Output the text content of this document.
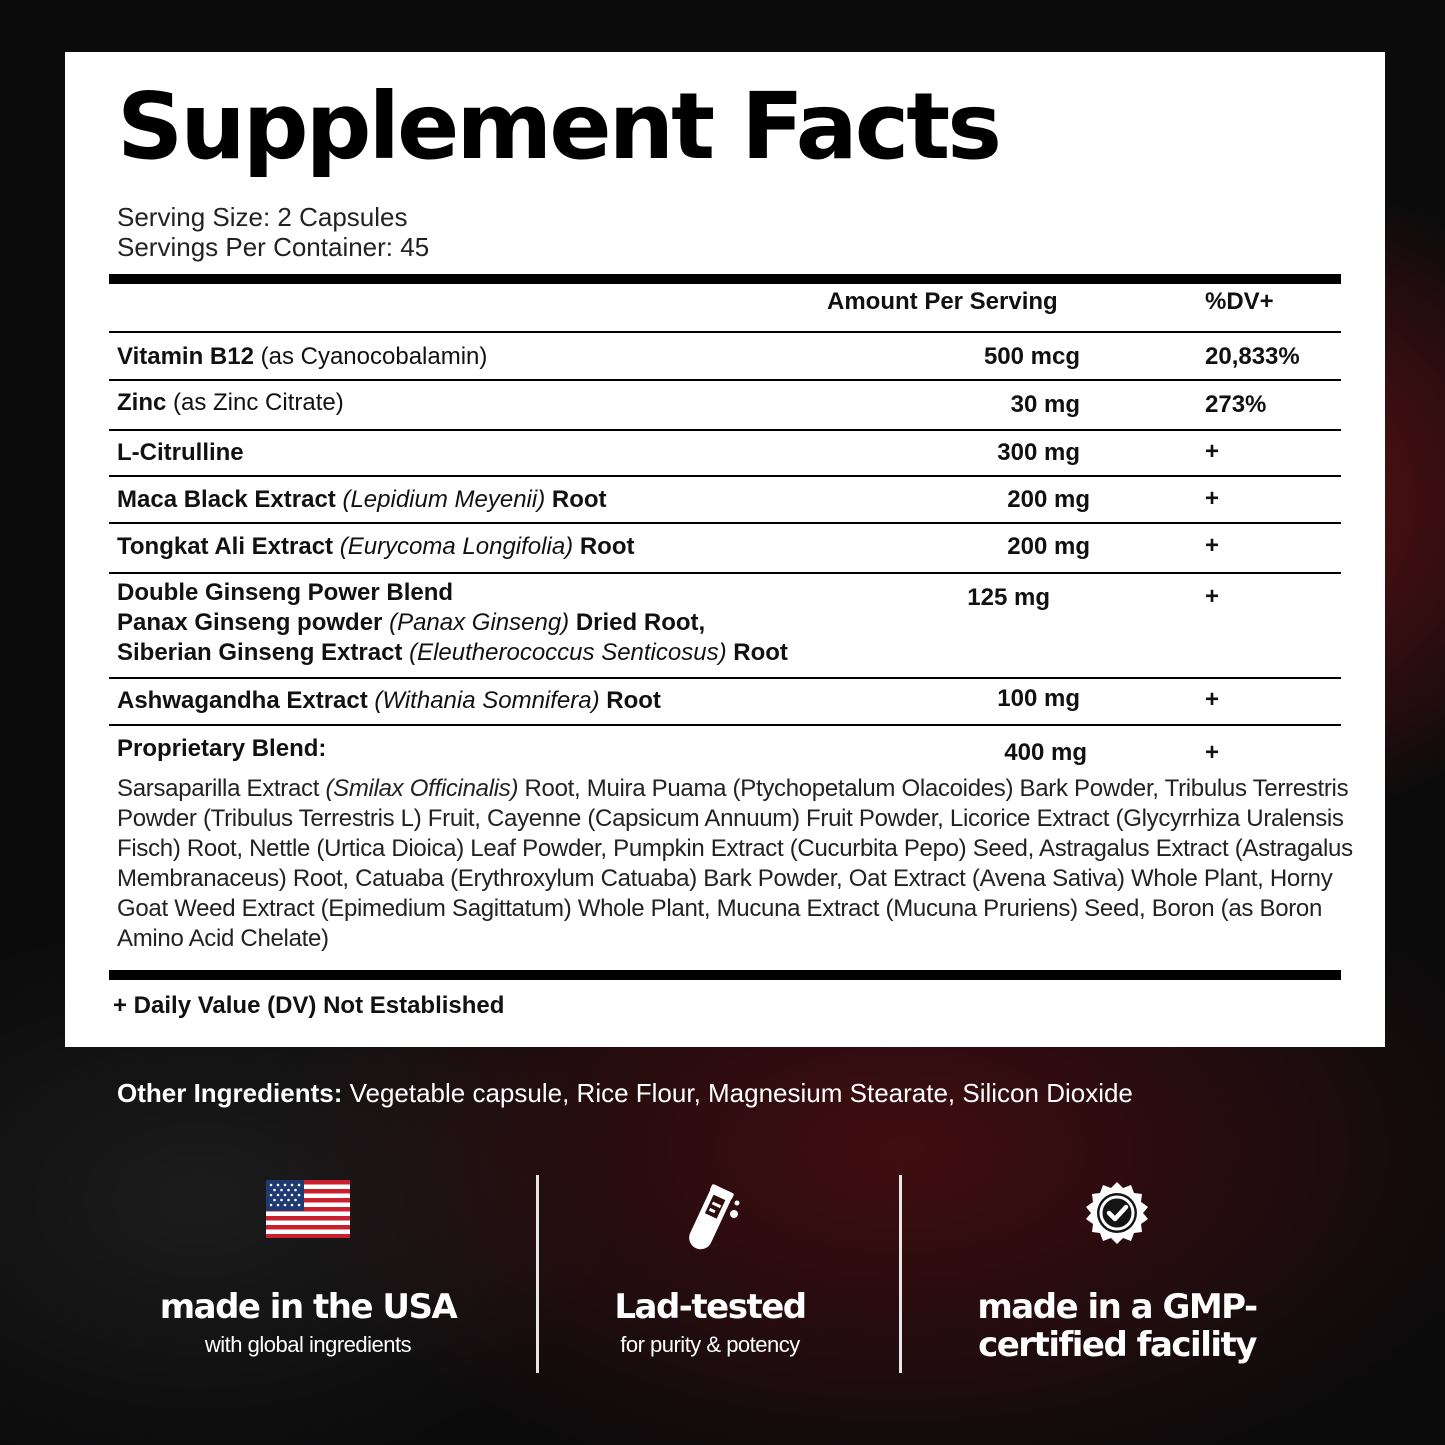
Supplement Facts
Serving Size: 2 Capsules
Servings Per Container: 45
Amount Per Serving	%DV+
Vitamin B12 (as Cyanocobalamin)	500 mcg	20,833%
Zinc (as Zinc Citrate)	30 mg	273%
L-Citrulline	300 mg	+
Maca Black Extract (Lepidium Meyenii) Root	200 mg	+
Tongkat Ali Extract (Eurycoma Longifolia) Root	200 mg	+
Double Ginseng Power Blend
Panax Ginseng powder (Panax Ginseng) Dried Root,
Siberian Ginseng Extract (Eleutherococcus Senticosus) Root
125 mg	+
Ashwagandha Extract (Withania Somnifera) Root	100 mg	+
Proprietary Blend:	400 mg	+
Sarsaparilla Extract (Smilax Officinalis) Root, Muira Puama (Ptychopetalum Olacoides) Bark Powder, Tribulus Terrestris Powder (Tribulus Terrestris L) Fruit, Cayenne (Capsicum Annuum) Fruit Powder, Licorice Extract (Glycyrrhiza Uralensis Fisch) Root, Nettle (Urtica Dioica) Leaf Powder, Pumpkin Extract (Cucurbita Pepo) Seed, Astragalus Extract (Astragalus Membranaceus) Root, Catuaba (Erythroxylum Catuaba) Bark Powder, Oat Extract (Avena Sativa) Whole Plant, Horny Goat Weed Extract (Epimedium Sagittatum) Whole Plant, Mucuna Extract (Mucuna Pruriens) Seed, Boron (as Boron Amino Acid Chelate)
+ Daily Value (DV) Not Established
Other Ingredients: Vegetable capsule, Rice Flour, Magnesium Stearate, Silicon Dioxide
made in the USA
with global ingredients
Lad-tested
for purity & potency
made in a GMP-
certified facility
